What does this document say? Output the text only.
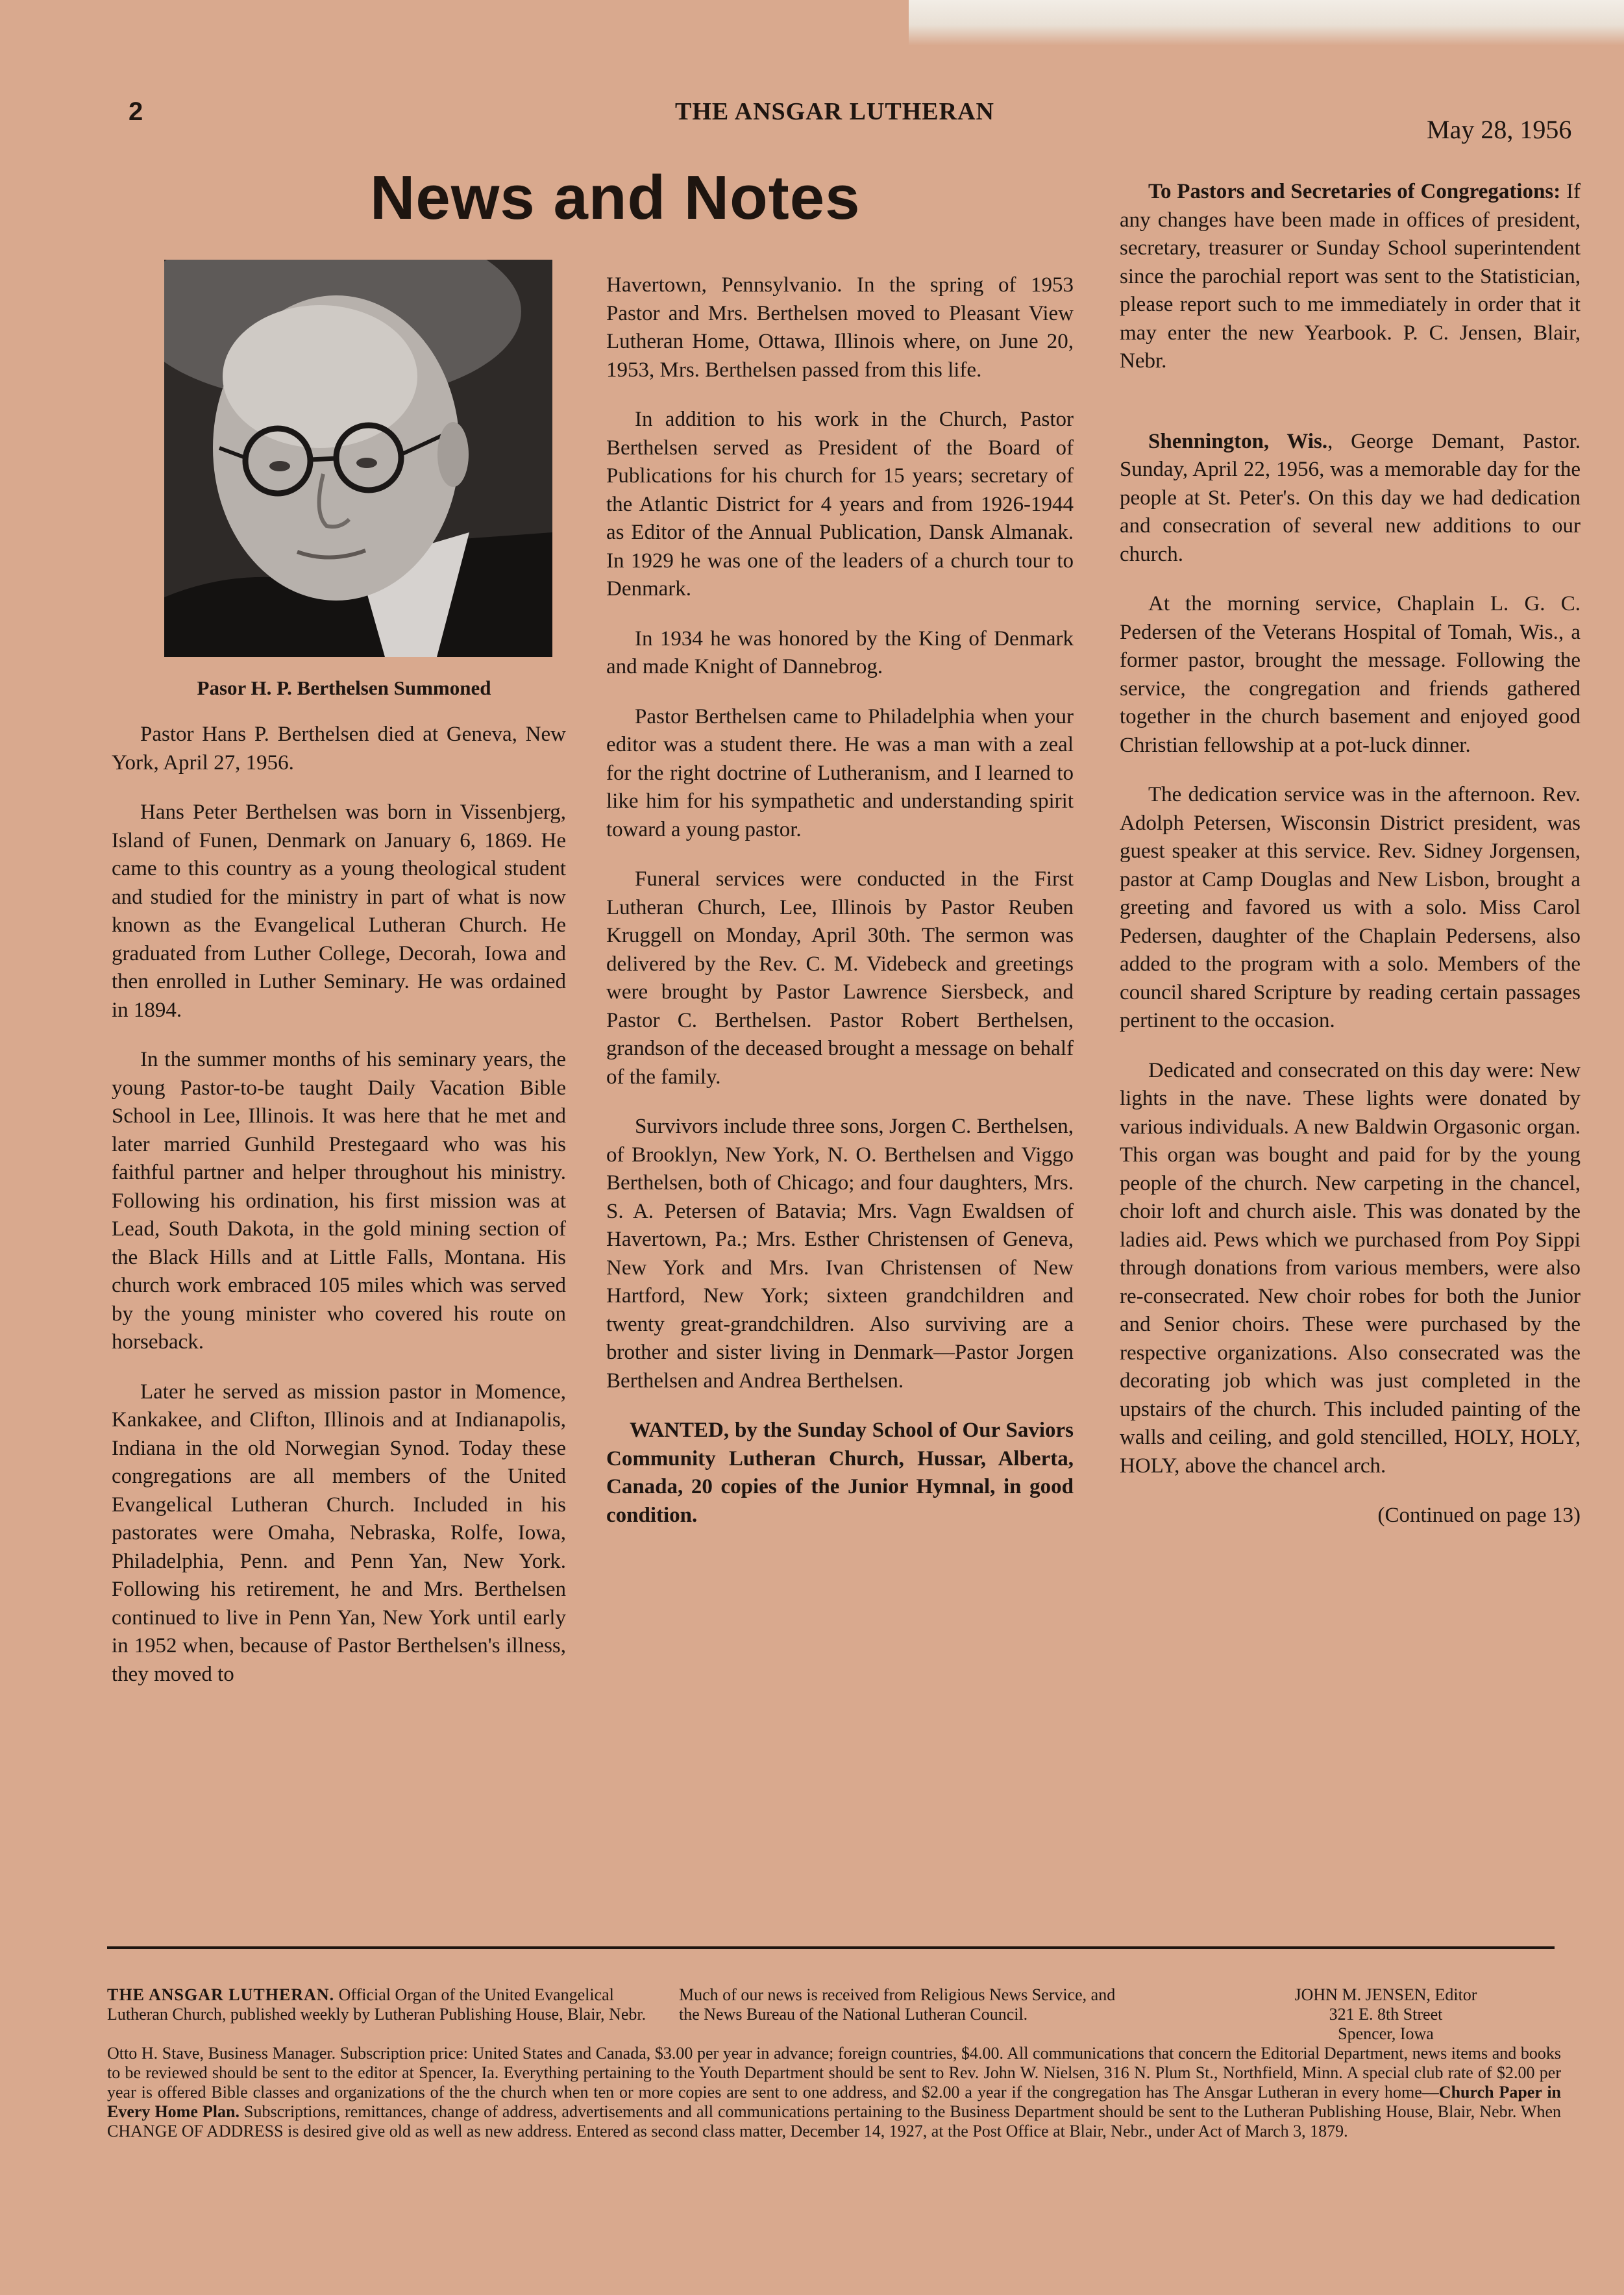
2	THE ANSGAR LUTHERAN
May 28, 1956
News and Notes
Pasor H. P. Berthelsen Summoned

Pastor Hans P. Berthelsen died at Geneva, New York, April 27, 1956.

Hans Peter Berthelsen was born in Vissenbjerg, Island of Funen, Denmark on January 6, 1869. He came to this country as a young theological student and studied for the ministry in part of what is now known as the Evangelical Lutheran Church. He graduated from Luther College, Decorah, Iowa and then enrolled in Luther Seminary. He was ordained in 1894.

In the summer months of his seminary years, the young Pastor-to-be taught Daily Vacation Bible School in Lee, Illinois. It was here that he met and later married Gunhild Prestegaard who was his faithful partner and helper throughout his ministry. Following his ordination, his first mission was at Lead, South Dakota, in the gold mining section of the Black Hills and at Little Falls, Montana. His church work embraced 105 miles which was served by the young minister who covered his route on horseback.

Later he served as mission pastor in Momence, Kankakee, and Clifton, Illinois and at Indianapolis, Indiana in the old Norwegian Synod. Today these congregations are all members of the United Evangelical Lutheran Church. Included in his pastorates were Omaha, Nebraska, Rolfe, Iowa, Philadelphia, Penn. and Penn Yan, New York. Following his retirement, he and Mrs. Berthelsen continued to live in Penn Yan, New York until early in 1952 when, because of Pastor Berthelsen's illness, they moved to

Havertown, Pennsylvanio. In the spring of 1953 Pastor and Mrs. Berthelsen moved to Pleasant View Lutheran Home, Ottawa, Illinois where, on June 20, 1953, Mrs. Berthelsen passed from this life.

In addition to his work in the Church, Pastor Berthelsen served as President of the Board of Publications for his church for 15 years; secretary of the Atlantic District for 4 years and from 1926-1944 as Editor of the Annual Publication, Dansk Almanak. In 1929 he was one of the leaders of a church tour to Denmark.

In 1934 he was honored by the King of Denmark and made Knight of Dannebrog.

Pastor Berthelsen came to Philadelphia when your editor was a student there. He was a man with a zeal for the right doctrine of Lutheranism, and I learned to like him for his sympathetic and understanding spirit toward a young pastor.

Funeral services were conducted in the First Lutheran Church, Lee, Illinois by Pastor Reuben Kruggell on Monday, April 30th. The sermon was delivered by the Rev. C. M. Videbeck and greetings were brought by Pastor Lawrence Siersbeck, and Pastor C. Berthelsen. Pastor Robert Berthelsen, grandson of the deceased brought a message on behalf of the family.

Survivors include three sons, Jorgen C. Berthelsen, of Brooklyn, New York, N. O. Berthelsen and Viggo Berthelsen, both of Chicago; and four daughters, Mrs. S. A. Petersen of Batavia; Mrs. Vagn Ewaldsen of Havertown, Pa.; Mrs. Esther Christensen of Geneva, New York and Mrs. Ivan Christensen of New Hartford, New York; sixteen grandchildren and twenty great-grandchildren. Also surviving are a brother and sister living in Denmark—Pastor Jorgen Berthelsen and Andrea Berthelsen.

WANTED, by the Sunday School of Our Saviors Community Lutheran Church, Hussar, Alberta, Canada, 20 copies of the Junior Hymnal, in good condition.

To Pastors and Secretaries of Congregations: If any changes have been made in offices of president, secretary, treasurer or Sunday School superintendent since the parochial report was sent to the Statistician, please report such to me immediately in order that it may enter the new Yearbook. P. C. Jensen, Blair, Nebr.

Shennington, Wis., George Demant, Pastor. Sunday, April 22, 1956, was a memorable day for the people at St. Peter's. On this day we had dedication and consecration of several new additions to our church.

At the morning service, Chaplain L. G. C. Pedersen of the Veterans Hospital of Tomah, Wis., a former pastor, brought the message. Following the service, the congregation and friends gathered together in the church basement and enjoyed good Christian fellowship at a pot-luck dinner.

The dedication service was in the afternoon. Rev. Adolph Petersen, Wisconsin District president, was guest speaker at this service. Rev. Sidney Jorgensen, pastor at Camp Douglas and New Lisbon, brought a greeting and favored us with a solo. Miss Carol Pedersen, daughter of the Chaplain Pedersens, also added to the program with a solo. Members of the council shared Scripture by reading certain passages pertinent to the occasion.

Dedicated and consecrated on this day were: New lights in the nave. These lights were donated by various individuals. A new Baldwin Orgasonic organ. This organ was bought and paid for by the young people of the church. New carpeting in the chancel, choir loft and church aisle. This was donated by the ladies aid. Pews which we purchased from Poy Sippi through donations from various members, were also re-consecrated. New choir robes for both the Junior and Senior choirs. These were purchased by the respective organizations. Also consecrated was the decorating job which was just completed in the upstairs of the church. This included painting of the walls and ceiling, and gold stencilled, HOLY, HOLY, HOLY, above the chancel arch.

(Continued on page 13)

THE ANSGAR LUTHERAN. Official Organ of the United Evangelical Lutheran Church, published weekly by Lutheran Publishing House, Blair, Nebr.
Much of our news is received from Religious News Service, and the News Bureau of the National Lutheran Council.
JOHN M. JENSEN, Editor
321 E. 8th Street
Spencer, Iowa
Otto H. Stave, Business Manager. Subscription price: United States and Canada, $3.00 per year in advance; foreign countries, $4.00. All communications that concern the Editorial Department, news items and books to be reviewed should be sent to the editor at Spencer, Ia. Everything pertaining to the Youth Department should be sent to Rev. John W. Nielsen, 316 N. Plum St., Northfield, Minn. A special club rate of $2.00 per year is offered Bible classes and organizations of the the church when ten or more copies are sent to one address, and $2.00 a year if the congregation has The Ansgar Lutheran in every home—Church Paper in Every Home Plan. Subscriptions, remittances, change of address, advertisements and all communications pertaining to the Business Department should be sent to the Lutheran Publishing House, Blair, Nebr. When CHANGE OF ADDRESS is desired give old as well as new address. Entered as second class matter, December 14, 1927, at the Post Office at Blair, Nebr., under Act of March 3, 1879.
